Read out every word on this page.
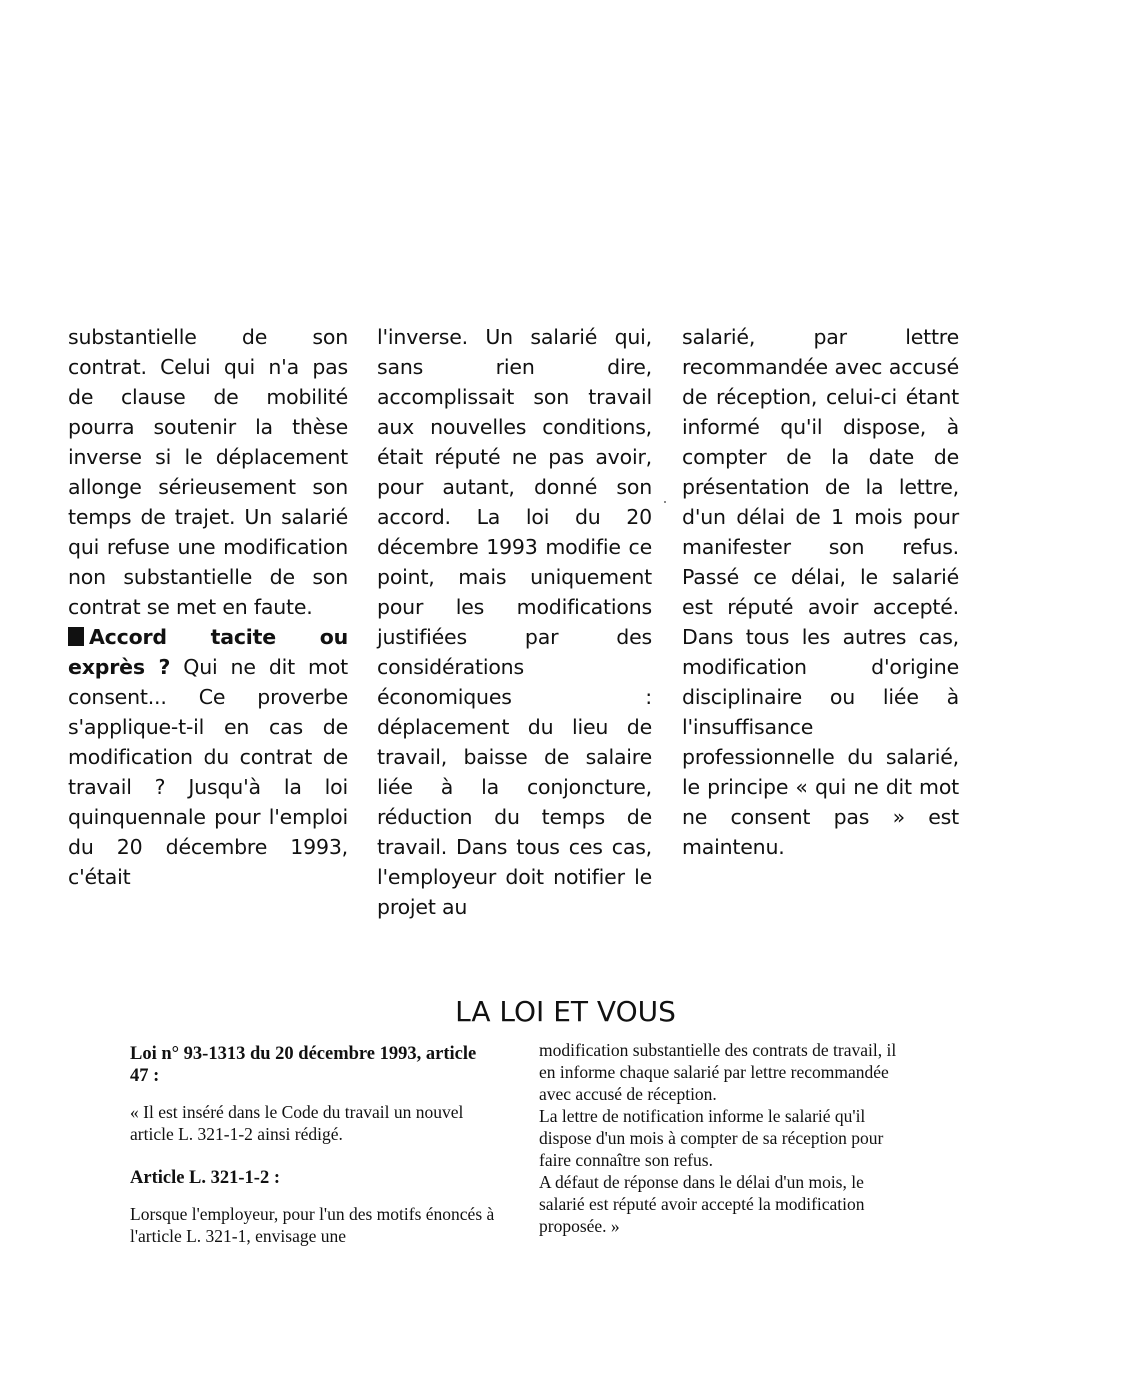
substantielle de son contrat. Celui qui n'a pas de clause de mobilité pourra soutenir la thèse inverse si le déplacement allonge sérieusement son temps de trajet. Un salarié qui refuse une modification non substantielle de son contrat se met en faute.

Accord tacite ou exprès ? Qui ne dit mot consent... Ce proverbe s'applique-t-il en cas de modification du contrat de travail ? Jusqu'à la loi quinquennale pour l'emploi du 20 décembre 1993, c'était

l'inverse. Un salarié qui, sans rien dire, accomplissait son travail aux nouvelles conditions, était réputé ne pas avoir, pour autant, donné son accord. La loi du 20 décembre 1993 modifie ce point, mais uniquement pour les modifications justifiées par des considérations économiques : déplacement du lieu de travail, baisse de salaire liée à la conjoncture, réduction du temps de travail. Dans tous ces cas, l'employeur doit notifier le projet au

salarié, par lettre recommandée avec accusé de réception, celui-ci étant informé qu'il dispose, à compter de la date de présentation de la lettre, d'un délai de 1 mois pour manifester son refus. Passé ce délai, le salarié est réputé avoir accepté. Dans tous les autres cas, modification d'origine disciplinaire ou liée à l'insuffisance professionnelle du salarié, le principe « qui ne dit mot ne consent pas » est maintenu.

LA LOI ET VOUS
Loi n° 93-1313 du 20 décembre 1993, article 47 :

« Il est inséré dans le Code du travail un nouvel article L. 321-1-2 ainsi rédigé.

Article L. 321-1-2 :

Lorsque l'employeur, pour l'un des motifs énoncés à l'article L. 321-1, envisage une

modification substantielle des contrats de travail, il en informe chaque salarié par lettre recommandée avec accusé de réception.

La lettre de notification informe le salarié qu'il dispose d'un mois à compter de sa réception pour faire connaître son refus.

A défaut de réponse dans le délai d'un mois, le salarié est réputé avoir accepté la modification proposée. »
